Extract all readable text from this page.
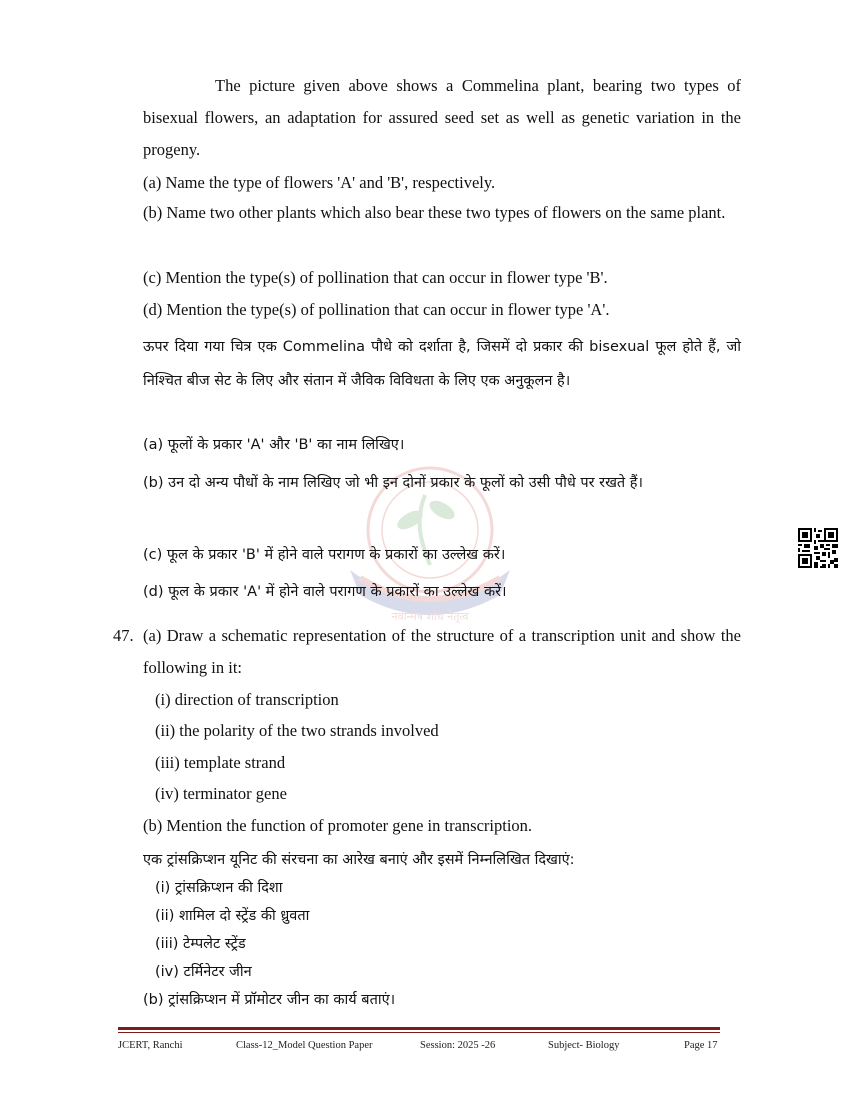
नवान्मेष शोध नेतृत्व

The picture given above shows a Commelina plant, bearing two types of bisexual flowers, an adaptation for assured seed set as well as genetic variation in the progeny.

(a) Name the type of flowers 'A' and 'B', respectively.

(b) Name two other plants which also bear these two types of flowers on the same plant.

(c) Mention the type(s) of pollination that can occur in flower type 'B'.

(d) Mention the type(s) of pollination that can occur in flower type 'A'.

ऊपर दिया गया चित्र एक Commelina पौधे को दर्शाता है, जिसमें दो प्रकार की bisexual फूल होते हैं, जो निश्चित बीज सेट के लिए और संतान में जैविक विविधता के लिए एक अनुकूलन है।

(a) फूलों के प्रकार 'A' और 'B' का नाम लिखिए।

(b) उन दो अन्य पौधों के नाम लिखिए जो भी इन दोनों प्रकार के फूलों को उसी पौधे पर रखते हैं।

(c) फूल के प्रकार 'B' में होने वाले परागण के प्रकारों का उल्लेख करें।

(d) फूल के प्रकार 'A' में होने वाले परागण के प्रकारों का उल्लेख करें।

47. (a) Draw a schematic representation of the structure of a transcription unit and show the following in it:

(i) direction of transcription

(ii) the polarity of the two strands involved

(iii) template strand

(iv) terminator gene

(b) Mention the function of promoter gene in transcription.

एक ट्रांसक्रिप्शन यूनिट की संरचना का आरेख बनाएं और इसमें निम्नलिखित दिखाएं:

(i) ट्रांसक्रिप्शन की दिशा

(ii) शामिल दो स्ट्रेंड की ध्रुवता

(iii) टेम्पलेट स्ट्रेंड

(iv) टर्मिनेटर जीन

(b) ट्रांसक्रिप्शन में प्रॉमोटर जीन का कार्य बताएं।

JCERT, Ranchi	Class-12_Model Question Paper	Session: 2025 -26	Subject- Biology	Page 17
